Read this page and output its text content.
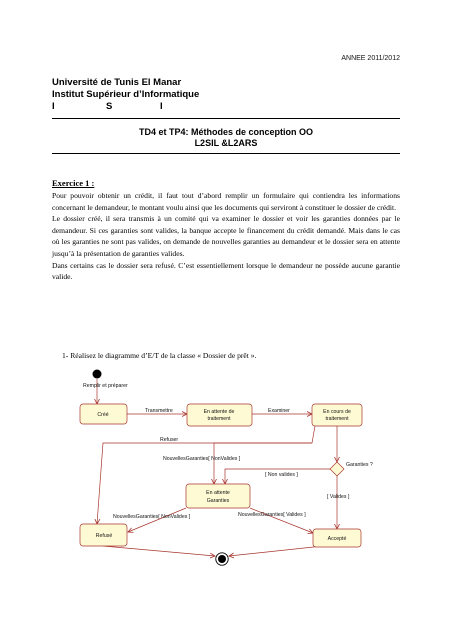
ANNEE 2011/2012
Université de Tunis El Manar
Institut Supérieur d’Informatique
I	S	I
TD4 et TP4: Méthodes de conception OO
L2SIL &L2ARS
Exercice 1 :

Pour pouvoir obtenir un crédit, il faut tout d’abord remplir un formulaire qui contiendra les informations concernant le demandeur, le montant voulu ainsi que les documents qui serviront à constituer le dossier de crédit.

Le dossier créé, il sera transmis à un comité qui va examiner le dossier et voir les garanties données par le demandeur. Si ces garanties sont valides, la banque accepte le financement du crédit demandé. Mais dans le cas où les garanties ne sont pas valides, on demande de nouvelles garanties au demandeur et le dossier sera en attente jusqu’à la présentation de garanties valides.

Dans certains cas le dossier sera refusé. C’est essentiellement lorsque le demandeur ne possède aucune garantie valide.

1- Réalisez le diagramme d’E/T de la classe « Dossier de prêt ».
Créé	En attente de
traitement
En cours de
traitement
En attente
Garanties
Refusé	Accepté
Remplir et préparer
Transmettre	Examiner
Refuser
NouvellesGaranties[ NonValides ]
[ Non valides ]
Garanties ?
[ Valides ]
NouvellesGaranties[ NonValides ]	NouvellesGaranties[ Valides ]
